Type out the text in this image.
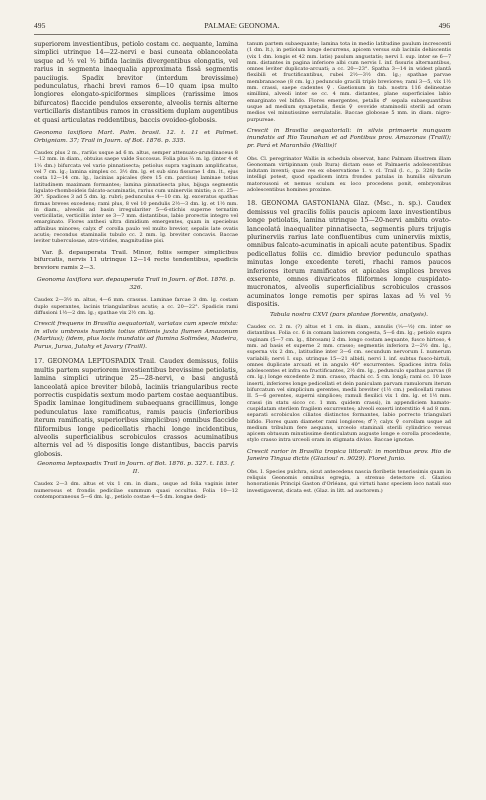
495	PALMAE: GEONOMA.	496

superiorem investientibus, petiolo costam cc. aequante, lamina simplici utrinque 14—22-nervi e basi cuneata oblanceolata usque ad ⅓ vel ½ bifida laciniis divergentibus elongatis, vel rarius in segmenta inaequalia approximata fissâ segmentis pauciiugis. Spadix brevitor (interdum brevissime) pedunculatus, rhachi brevi ramos 6—10 quam ipsa multo longiores elongato-spiciformes simplices (rarissime imos bifurcatos) flaccide pendulos exserente, alveolis ternis alterne verticillaris distantibus ramos in crassitiem duplam augentibus et quasi articulatas reddentibus, baccis ovoideo-globosis.

Geonoma laxiflora Mart. Palm. brasil. 12. t. 11 et Palmet. Orbigniam. 37; Trail in Journ. of Bot. 1876. p. 335.

Caudex plus 2 m., rariùs usque ad 6 m. altus, semper attenuato-arundinaceus 8—12 mm. in diam., obtuius saepe valde Succosus. Folia plus ⅔ m. lg. (inter 4 et 1⅓ dm.) bifurcata vel vario pinnatisecta; petiolus supra vaginam amplificatus, vel 7 cm. lg.; lamina simplex cc. 3½ dm. lg. et sub sinu fissurae 1 dm. lt., ejus costa 12—14 cm. lg., lacinias apicales (fere 15 cm. parcius) laminae totius latitudinem maximam formantes; lamina pinnatisecta plus, bijuga segmentis ligulato-rhomboideis falcato-acuminatis, rarius cum uninerviis mixtis; a cc. 25—30°. Spadices 3 ad 5 dm. lg. rubri; pedunculus 4—10 cm. lg. exceratus spathas firmas breves excedens; rami plus, 8 vel 10 pendulis 2½—3 dm. lg. et 1½ mm. in diam., alveolis ad basin irregulariter 5—6-stichis superne ternatim verticillatis, verticillis inter se 3—7 mm. distantibus, labio prorectis integro vel emarginato. Flores anthesi ultra dimidium emergentes, quam in speciebus affinibus minores; calyx ♂ corolla paulo vel multo brevior, sepalis late ovatis acutis; recondus staminalis tubulo cc. 2 mm. lg. breviter concavis. Baccae leviter tuberculosae, atro-virides, magnitudine pisi.

Var. β. depauperata Trail. Minor, foliis semper simplicibus bifurcatis, nervis 11 utrinque 12—14 recte tendentibus, spadicis breviore ramis 2—3.

Geonoma laxiflora var. depauperata Trail in Journ. of Bot. 1876. p. 326.

Caudex 2—3½ m. altus, 4—6 mm. crassus. Laminae farcae 3 dm. lg. costam duplo superantes, lacinis triangularibus acutis; a cc. 20—22°. Spadicis rami diffusioni 1½—2 dm. lg.; spathae vix 2½ cm. lg.

Crescit frequens in Brasilia aequatoriali, variatas cum specie mixta: in silvis umbrosis humidis totius ditionis juxta flumen Amazonum (Martius); (idem, plus locis inundatis ad flumina Solimões, Madeira, Purus, Jurua, Jutahy et Javary (Traill).

17. GEONOMA LEPTOSPADIX Trail. Caudex demissus, foliis multis partem superiorem investientibus brevissime petiolatis, lamina simplici utrinque 25—28-nervi, e basi angustâ lanceolatâ apice breviter bilobâ, laciniis triangularibus recte porrectis cuspidatis sextum modo partem costae aequantibus. Spadix laminae longitudinem subaequans gracillimus, longe pedunculatus laxe ramificatus, ramis paucis (inferioribus iterum ramificatis, superioribus simplicibus) omnibus flaccide filiformibus longe pedicellatis rhachi longe incidentibus, alveolis superficialibus scrobiculos crassos acuminatibus alternis vel ad ⅓ dispositis longe distantibus, baccis parvis globosis.

Geonoma leptospadix Trail in Journ. of Bot. 1876. p. 327. t. 183. f. II.

Caudex 2—3 dm. altus et vix 1 cm. in diam., usque ad folia vaginis inter numerosus et frondis pedicilae summum quasi occultus. Folia 10—12 contemporaneous 5—6 dm. lg., petiolo costae 4—5 dm. longae dedi-

tanum partem subaequante; lamina tota in medio latitudine paulum increscenti (1 dm. lt.), in petiolum longe decurrens, apicem versus sub laciniis dehiscentis (vix 1 dm. longis et 42 mm. latis) paulum angustatis; nervi I. sup. inter se 6—7 mm. distantes in pagina inferiore albi cum nervis I. inf. fissuris alternantibus, omnes leviter duplicato-arcuati; a cc. 20—23°. Spatha 3—14 in widest plantâ flexibili et fructificantibus, rubei 2½—3½ dm. lg.; spathae parvae membranaceae (8 cm. lg.) pedunculo gracili triplo breviores; rami 3—5, vix 1½ mm. crassi, saepe cadentes ♀. Gaetionum in tab. nostra 116 delineatae simillimi, alveoli inter se cc. 4 mm. distantes, plane superficiales labio emarginato vel bifido. Flores emergentes, petalis ♂ sepala subaequantibus usque ad medium synapetalis, flexis ♀ ovovide staminodii sterili ad oram medios vel minutissime serrulatalis. Baccae globosae 5 mm. in diam. nigro-purpureae.

Crescit in Brasilia aequatoriali: in silvis primaeris nunquam inundatis ad Rio Taunahan et ad Fontibus prov. Amazonas (Traill); pr. Pará et Maranhão (Wallis)!

Obs. Cl. peregrinator Wallis in schedula observat, hanc Palmam illustrem illam Geonomam virtipinnam (sub Itura) dictam esse et Palmaeris adolescentibus indutam inventi; quae res ex observatione 1. v. cl. Trail (l. c., p. 328) facile intelligi potest, quod spadicem intra frondes patulas in humilis silvarum matorousoni et nemus sculum ex loco procedens ponit, embryonibus adolescentibus homines proxime.

18. GEONOMA GASTONIANA Glaz. (Msc., n. sp.). Caudex demissus vel gracilis foliis paucis apicem laxe investientibus longe petiolatis, lamina utrinque 15—20-nervi ambitu ovato-lanceolatâ inaequaliter pinnatisecta, segmentis plurs trijugis plurinerviis rarius late confluentibus cum uninerviis mixtis, omnibus falcato-acuminatis in apicali acute patentibus. Spadix pedicellatus foliis cc. dimidio brevior pedunculo spathas minutas longe excedente tereti, rhachi ramos paucos inferiores iterum ramificatos et apicales simplices breves exserente, omnes divaricatos filiformes longe cuspidato-mucronatos, alveolis superficialibus scrobiculos crassos acuminatos longe remotis per spiras laxas ad ⅓ vel ½ dispositis.

Tabula nostra CXVI (pars plantae florentis, analysis).

Caudex cc. 2 m. (?) altus et 1 cm. in diam., annulis (⅓—½) cm. inter se distantibus. Folia cc. 6 in comam laxiorem congesta, 5—6 dm. lg.; petiolo supra vaginam (5—7 cm. lg., fibrosam) 2 dm. longo costam aequante, fusco hirtoso, 4 mm. ad basis et superne 2 mm. crasso; segmentis inferiora 2—2½ dm. lg., superna vix 2 dm., latitudine inter 3—6 cm. secundum nervorum I. numerum variabili; nervi I. sup. utrinque 15—21 albidi, nervi I. inf. subtus fusco-hirtuli, omnes duplicate arcuati et in angulo 40° excurrentes. Spadices intra folia adolescentes et infra ea fructificantes, 2½ dm. lg., pedunculo spathas parvas (8 cm. lg.) longe excedente 2 mm. crasso, rhachi cc. 5 cm. longâ; rami cc. 10 laxe inserti, inferiores longe pedicellati et dein paniculam parvam ramulorum iterum bifurcatum vel simplicium gerentes, medii breviter (1½ cm.) pedicellati ramos II. 5—6 gerentes, superni simplices; ramuli flexilici vix 1 dm. lg. et 1½ mm. crassi (in statu sicco cc. 1 mm. quidem crassi), in appendiciem hamato-cuspidatam sterilem fragilem excurrentes; alveoli exserti interstitio 4 ad 8 mm. separati scrobiculos ciliatos distinctos formantes, labio porrecto triangulari bifido. Flores quam diameter rami longiores; ♂?; calyx ♀ corollam usque ad medium tribulum fere aequans, urceolo staminali sterili cylindrico versus apicem obtusum minutissime denticulatum auguste longe e corolla procedente, stylo crasso intra urceoli oram in stigmata diviso. Baccae ignotae.

Crescit rarior in Brasilia tropica littorali: in montibus prov. Rio de Janeiro Tingua dictis (Glaziou! n. 9029). Floret Junio.

Obs. I. Species pulchra, sicut antecedens nascia floribetis tenerissimis quam in reliquis Geonomis omnibus egregia, a strenuo detectore cl. Glaziou honorationis Principi Gaston d'Orléans, qui virtuti hanc speciem loco natali suo investigaverat, dicata est. (Glaz. in litt. ad auctorem.)
